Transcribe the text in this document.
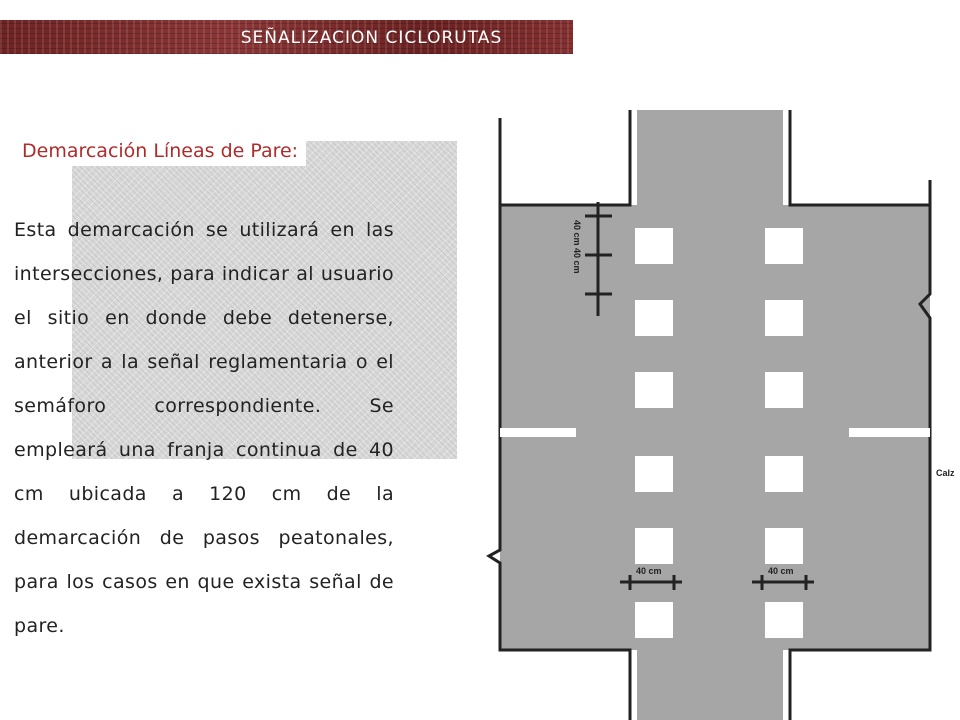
SEÑALIZACION CICLORUTAS
Demarcación Líneas de Pare:

Esta demarcación se utilizará en las intersecciones, para indicar al usuario el sitio en donde debe detenerse, anterior a la señal reglamentaria o el semáforo correspondiente. Se empleará una franja continua de 40 cm ubicada a 120 cm de la demarcación de pasos peatonales, para los casos en que exista señal de pare.

40 cm 40 cm
40 cm	40 cm
Calz
